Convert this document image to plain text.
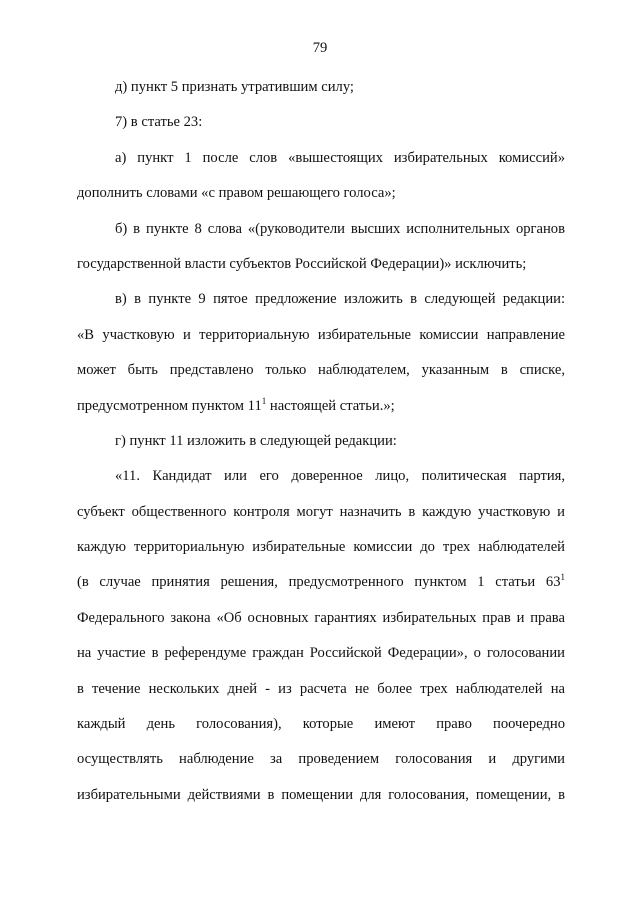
79
д) пункт 5 признать утратившим силу;
7) в статье 23:
а) пункт 1 после слов «вышестоящих избирательных комиссий»
дополнить словами «с правом решающего голоса»;
б) в пункте 8 слова «(руководители высших исполнительных органов
государственной власти субъектов Российской Федерации)» исключить;
в) в пункте 9 пятое предложение изложить в следующей редакции:
«В участковую и территориальную избирательные комиссии направление
может быть представлено только наблюдателем, указанным в списке,
предусмотренном пунктом $11^1$ настоящей статьи.»;
г) пункт 11 изложить в следующей редакции:
«11. Кандидат или его доверенное лицо, политическая партия,
субъект общественного контроля могут назначить в каждую участковую и
каждую территориальную избирательные комиссии до трех наблюдателей
(в случае принятия решения, предусмотренного пунктом 1 статьи $63^1$
Федерального закона «Об основных гарантиях избирательных прав и права
на участие в референдуме граждан Российской Федерации», о голосовании
в течение нескольких дней - из расчета не более трех наблюдателей на
каждый день голосования), которые имеют право поочередно
осуществлять наблюдение за проведением голосования и другими
избирательными действиями в помещении для голосования, помещении, в
